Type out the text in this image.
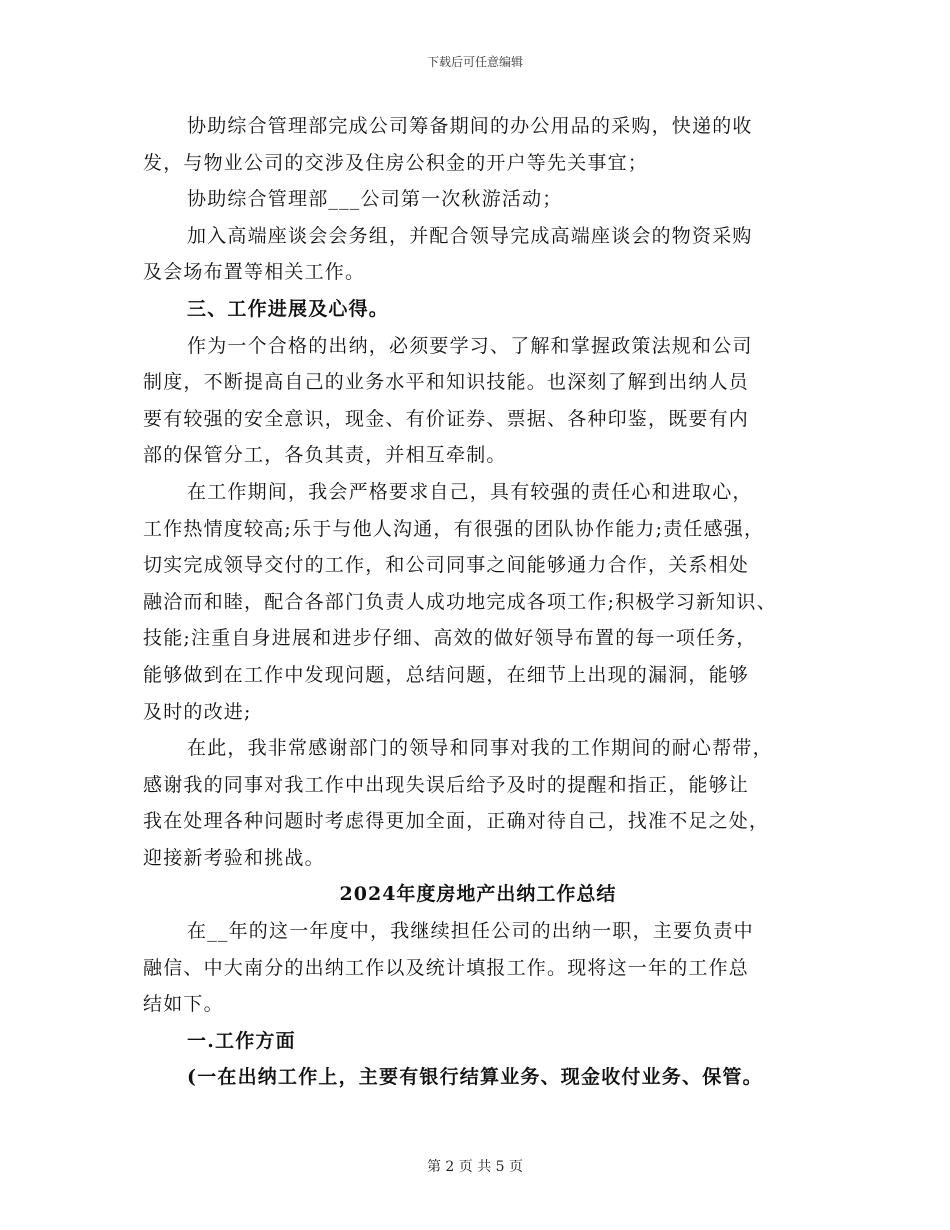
下载后可任意编辑
协助综合管理部完成公司筹备期间的办公用品的采购，快递的收
发，与物业公司的交涉及住房公积金的开户等先关事宜；
协助综合管理部___公司第一次秋游活动；
加入高端座谈会会务组，并配合领导完成高端座谈会的物资采购
及会场布置等相关工作。
三、工作进展及心得。
作为一个合格的出纳，必须要学习、了解和掌握政策法规和公司
制度，不断提高自己的业务水平和知识技能。也深刻了解到出纳人员
要有较强的安全意识，现金、有价证券、票据、各种印鉴，既要有内
部的保管分工，各负其责，并相互牵制。
在工作期间，我会严格要求自己，具有较强的责任心和进取心，
工作热情度较高;乐于与他人沟通，有很强的团队协作能力;责任感强，
切实完成领导交付的工作，和公司同事之间能够通力合作，关系相处
融洽而和睦，配合各部门负责人成功地完成各项工作;积极学习新知识、
技能;注重自身进展和进步仔细、高效的做好领导布置的每一项任务，
能够做到在工作中发现问题，总结问题，在细节上出现的漏洞，能够
及时的改进;
在此，我非常感谢部门的领导和同事对我的工作期间的耐心帮带，
感谢我的同事对我工作中出现失误后给予及时的提醒和指正，能够让
我在处理各种问题时考虑得更加全面，正确对待自己，找准不足之处，
迎接新考验和挑战。
2024年度房地产出纳工作总结
在__年的这一年度中，我继续担任公司的出纳一职，主要负责中
融信、中大南分的出纳工作以及统计填报工作。现将这一年的工作总
结如下。
一.工作方面
(一在出纳工作上，主要有银行结算业务、现金收付业务、保管。
第 2 页 共 5 页
